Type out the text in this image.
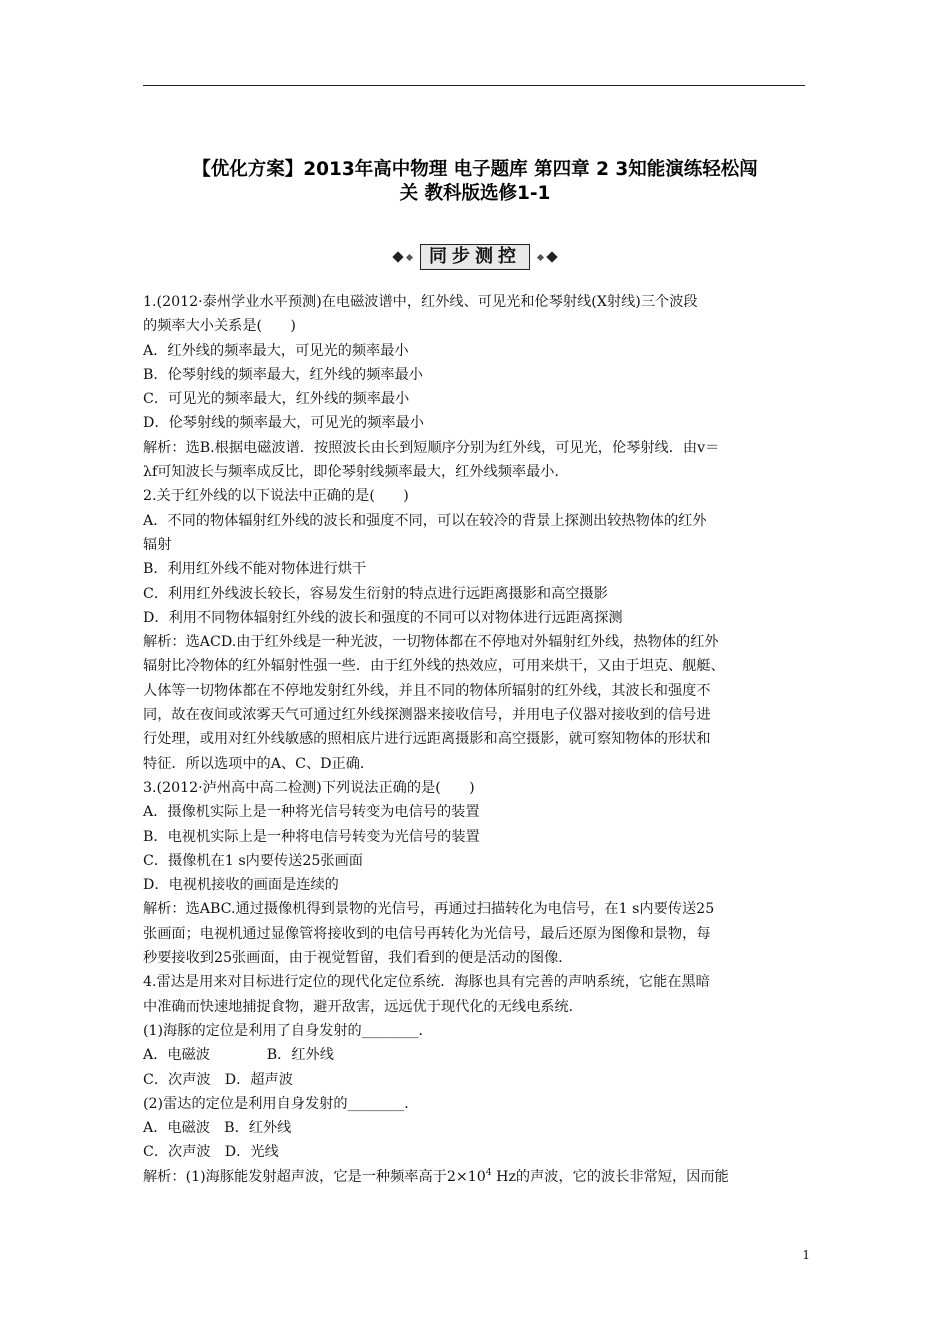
【优化方案】2013年高中物理 电子题库 第四章 2 3知能演练轻松闯
关 教科版选修1-1
同步测控

1.(2012·泰州学业水平预测)在电磁波谱中，红外线、可见光和伦琴射线(X射线)三个波段

的频率大小关系是(　　)

A．红外线的频率最大，可见光的频率最小

B．伦琴射线的频率最大，红外线的频率最小

C．可见光的频率最大，红外线的频率最小

D．伦琴射线的频率最大，可见光的频率最小

解析：选B.根据电磁波谱．按照波长由长到短顺序分别为红外线，可见光，伦琴射线．由v＝

λf可知波长与频率成反比，即伦琴射线频率最大，红外线频率最小．

2.关于红外线的以下说法中正确的是(　　)

A．不同的物体辐射红外线的波长和强度不同，可以在较冷的背景上探测出较热物体的红外

辐射

B．利用红外线不能对物体进行烘干

C．利用红外线波长较长，容易发生衍射的特点进行远距离摄影和高空摄影

D．利用不同物体辐射红外线的波长和强度的不同可以对物体进行远距离探测

解析：选ACD.由于红外线是一种光波，一切物体都在不停地对外辐射红外线，热物体的红外

辐射比冷物体的红外辐射性强一些．由于红外线的热效应，可用来烘干，又由于坦克、舰艇、

人体等一切物体都在不停地发射红外线，并且不同的物体所辐射的红外线，其波长和强度不

同，故在夜间或浓雾天气可通过红外线探测器来接收信号，并用电子仪器对接收到的信号进

行处理，或用对红外线敏感的照相底片进行远距离摄影和高空摄影，就可察知物体的形状和

特征．所以选项中的A、C、D正确．

3.(2012·泸州高中高二检测)下列说法正确的是(　　)

A．摄像机实际上是一种将光信号转变为电信号的装置

B．电视机实际上是一种将电信号转变为光信号的装置

C．摄像机在1 s内要传送25张画面

D．电视机接收的画面是连续的

解析：选ABC.通过摄像机得到景物的光信号，再通过扫描转化为电信号，在1 s内要传送25

张画面；电视机通过显像管将接收到的电信号再转化为光信号，最后还原为图像和景物，每

秒要接收到25张画面，由于视觉暂留，我们看到的便是活动的图像．

4.雷达是用来对目标进行定位的现代化定位系统．海豚也具有完善的声呐系统，它能在黑暗

中准确而快速地捕捉食物，避开敌害，远远优于现代化的无线电系统．

(1)海豚的定位是利用了自身发射的________．

A．电磁波　　　　B．红外线

C．次声波　D．超声波

(2)雷达的定位是利用自身发射的________．

A．电磁波　B．红外线

C．次声波　D．光线

解析：(1)海豚能发射超声波，它是一种频率高于$2\times 10^4$ Hz的声波，它的波长非常短，因而能

1
